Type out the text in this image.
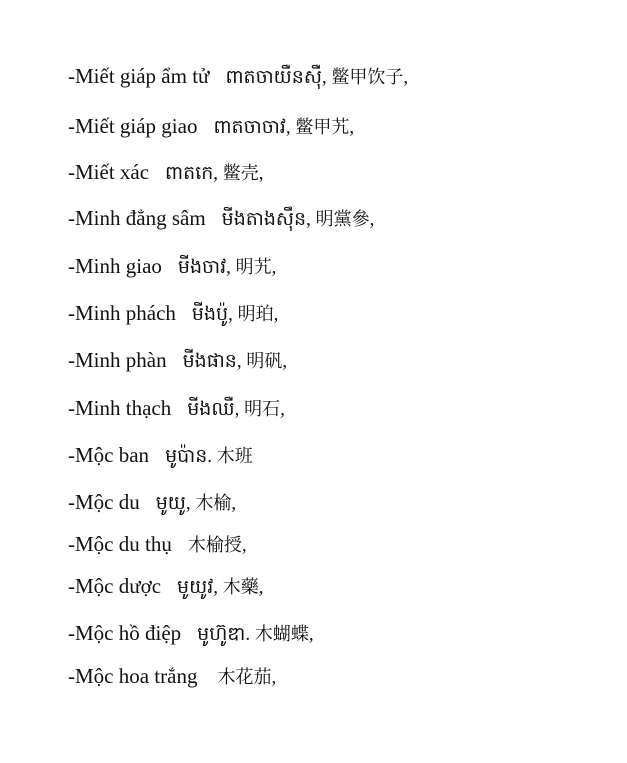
-Miết giáp ẩm tử ពាតចាយឺនស៊ឺ, 鳖甲饮子,
-Miết giáp giao ពាតចាចាវ, 鳖甲艽,
-Miết xác ពាតកេ, 鳖壳,
-Minh đẳng sâm មីងតាងស៊ឹន, 明黨參,
-Minh giao មីងចាវ, 明艽,
-Minh phách មីងប៉ូ, 明珀,
-Minh phàn មីងផាន, 明矾,
-Minh thạch មីងឈឺ, 明石,
-Mộc ban មូប៉ាន. 木班
-Mộc du មូយូ, 木榆,
-Mộc du thụ 木榆授,
-Mộc dược មូយូវ, 木藥,
-Mộc hồ điệp មូហ៊ូឌា. 木蝴蝶,
-Mộc hoa trắng 木花茄,
